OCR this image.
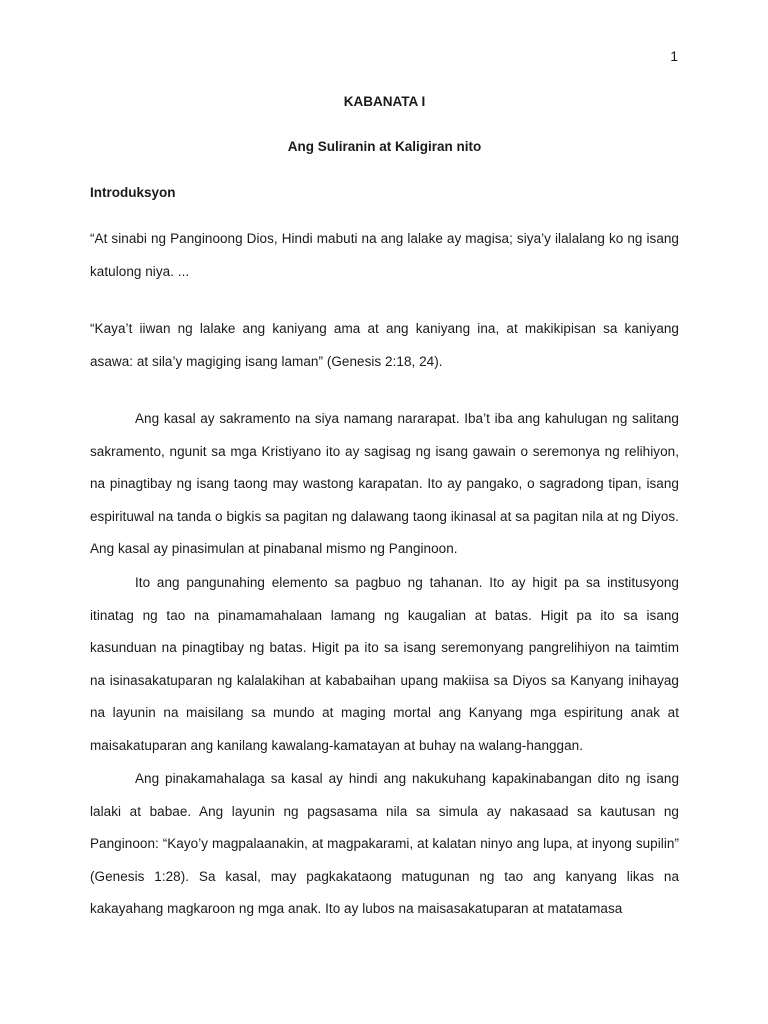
1
KABANATA I
Ang Suliranin at Kaligiran nito
Introduksyon

“At sinabi ng Panginoong Dios, Hindi mabuti na ang lalake ay magisa; siya’y ilalalang ko ng isang katulong niya. ...

“Kaya’t iiwan ng lalake ang kaniyang ama at ang kaniyang ina, at makikipisan sa kaniyang asawa: at sila’y magiging isang laman” (Genesis 2:18, 24).

Ang kasal ay sakramento na siya namang nararapat. Iba’t iba ang kahulugan ng salitang sakramento, ngunit sa mga Kristiyano ito ay sagisag ng isang gawain o seremonya ng relihiyon, na pinagtibay ng isang taong may wastong karapatan. Ito ay pangako, o sagradong tipan, isang espirituwal na tanda o bigkis sa pagitan ng dalawang taong ikinasal at sa pagitan nila at ng Diyos. Ang kasal ay pinasimulan at pinabanal mismo ng Panginoon.

Ito ang pangunahing elemento sa pagbuo ng tahanan. Ito ay higit pa sa institusyong itinatag ng tao na pinamamahalaan lamang ng kaugalian at batas. Higit pa ito sa isang kasunduan na pinagtibay ng batas. Higit pa ito sa isang seremonyang pangrelihiyon na taimtim na isinasakatuparan ng kalalakihan at kababaihan upang makiisa sa Diyos sa Kanyang inihayag na layunin na maisilang sa mundo at maging mortal ang Kanyang mga espiritung anak at maisakatuparan ang kanilang kawalang-kamatayan at buhay na walang-hanggan.

Ang pinakamahalaga sa kasal ay hindi ang nakukuhang kapakinabangan dito ng isang lalaki at babae. Ang layunin ng pagsasama nila sa simula ay nakasaad sa kautusan ng Panginoon: “Kayo’y magpalaanakin, at magpakarami, at kalatan ninyo ang lupa, at inyong supilin” (Genesis 1:28). Sa kasal, may pagkakataong matugunan ng tao ang kanyang likas na kakayahang magkaroon ng mga anak. Ito ay lubos na maisasakatuparan at matatamasa
